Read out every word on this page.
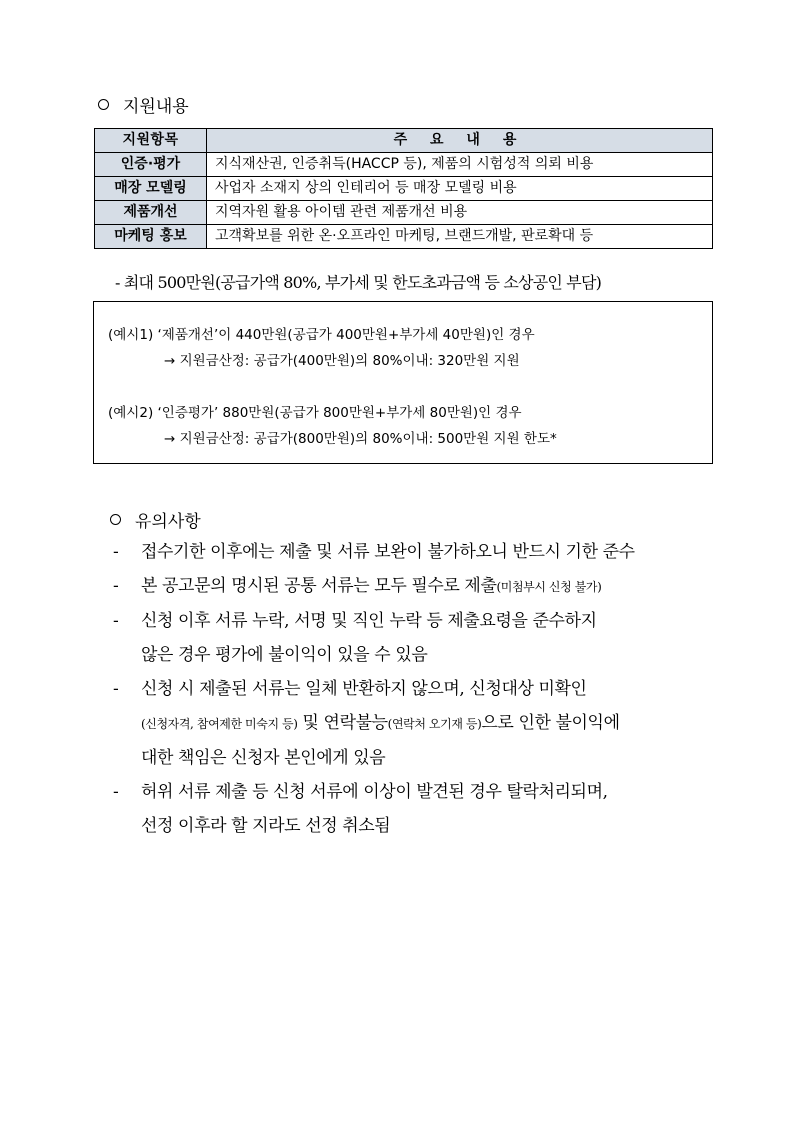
지원내용
지원항목	주 요 내 용
인증·평가	지식재산권, 인증취득(HACCP 등), 제품의 시험성적 의뢰 비용
매장 모델링	사업자 소재지 상의 인테리어 등 매장 모델링 비용
제품개선	지역자원 활용 아이템 관련 제품개선 비용
마케팅 홍보	고객확보를 위한 온·오프라인 마케팅, 브랜드개발, 판로확대 등
- 최대 500만원(공급가액 80%, 부가세 및 한도초과금액 등 소상공인 부담)
(예시1) ‘제품개선’이 440만원(공급가 400만원+부가세 40만원)인 경우
→ 지원금산정: 공급가(400만원)의 80%이내: 320만원 지원
(예시2) ‘인증평가’ 880만원(공급가 800만원+부가세 80만원)인 경우
→ 지원금산정: 공급가(800만원)의 80%이내: 500만원 지원 한도*
유의사항
- 접수기한 이후에는 제출 및 서류 보완이 불가하오니 반드시 기한 준수
- 본 공고문의 명시된 공통 서류는 모두 필수로 제출(미첨부시 신청 불가)
- 신청 이후 서류 누락, 서명 및 직인 누락 등 제출요령을 준수하지
않은 경우 평가에 불이익이 있을 수 있음
- 신청 시 제출된 서류는 일체 반환하지 않으며, 신청대상 미확인
(신청자격, 참여제한 미숙지 등) 및 연락불능(연락처 오기재 등)으로 인한 불이익에
대한 책임은 신청자 본인에게 있음
- 허위 서류 제출 등 신청 서류에 이상이 발견된 경우 탈락처리되며,
선정 이후라 할 지라도 선정 취소됨
